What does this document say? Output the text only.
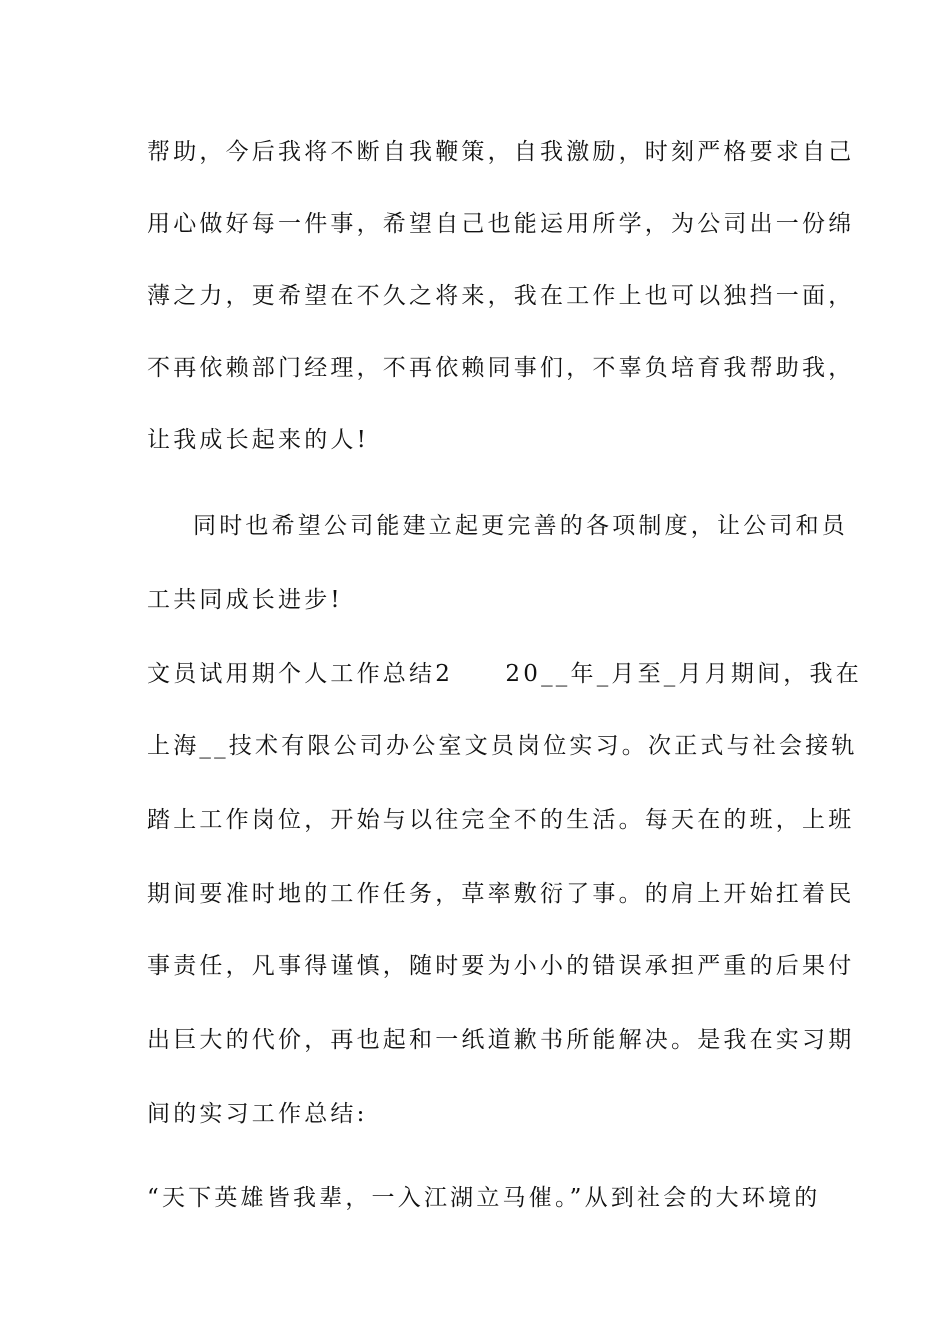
帮助，今后我将不断自我鞭策，自我激励，时刻严格要求自己
用心做好每一件事，希望自己也能运用所学，为公司出一份绵
薄之力，更希望在不久之将来，我在工作上也可以独挡一面，
不再依赖部门经理，不再依赖同事们，不辜负培育我帮助我，
让我成长起来的人!
同时也希望公司能建立起更完善的各项制度，让公司和员
工共同成长进步!
文员试用期个人工作总结2　　20__年_月至_月月期间，我在
上海__技术有限公司办公室文员岗位实习。次正式与社会接轨
踏上工作岗位，开始与以往完全不的生活。每天在的班，上班
期间要准时地的工作任务，草率敷衍了事。的肩上开始扛着民
事责任，凡事得谨慎，随时要为小小的错误承担严重的后果付
出巨大的代价，再也起和一纸道歉书所能解决。是我在实习期
间的实习工作总结:
“天下英雄皆我辈，一入江湖立马催。”从到社会的大环境的
